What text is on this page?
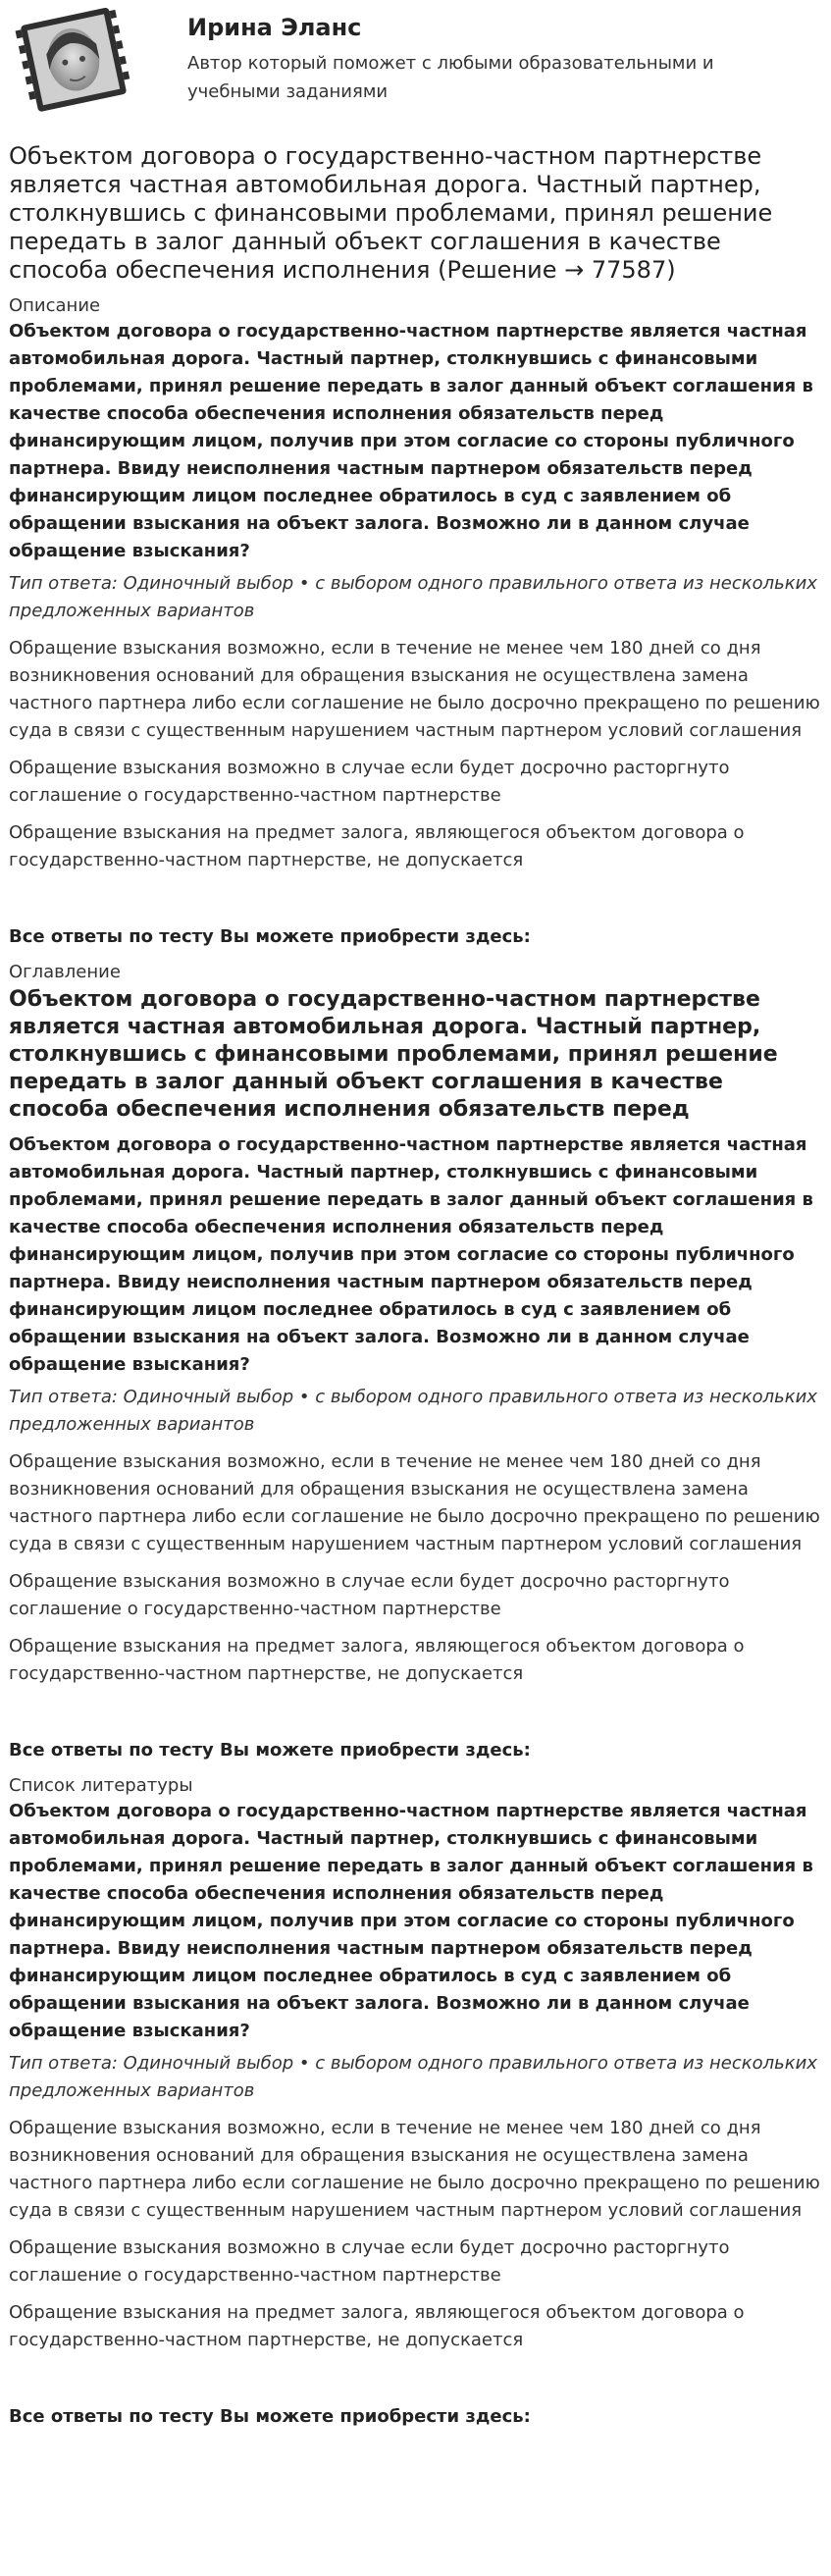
Ирина Эланс
Автор который поможет с любыми образовательными и учебными заданиями
Объектом договора о государственно-частном партнерстве является частная автомобильная дорога. Частный партнер, столкнувшись с финансовыми проблемами, принял решение передать в залог данный объект соглашения в качестве способа обеспечения исполнения (Решение → 77587)
Описание
Объектом договора о государственно-частном партнерстве является частная автомобильная дорога. Частный партнер, столкнувшись с финансовыми проблемами, принял решение передать в залог данный объект соглашения в качестве способа обеспечения исполнения обязательств перед финансирующим лицом, получив при этом согласие со стороны публичного партнера. Ввиду неисполнения частным партнером обязательств перед финансирующим лицом последнее обратилось в суд с заявлением об обращении взыскания на объект залога. Возможно ли в данном случае обращение взыскания?
Тип ответа: Одиночный выбор • с выбором одного правильного ответа из нескольких предложенных вариантов
Обращение взыскания возможно, если в течение не менее чем 180 дней со дня возникновения оснований для обращения взыскания не осуществлена замена частного партнера либо если соглашение не было досрочно прекращено по решению суда в связи с существенным нарушением частным партнером условий соглашения
Обращение взыскания возможно в случае если будет досрочно расторгнуто соглашение о государственно-частном партнерстве
Обращение взыскания на предмет залога, являющегося объектом договора о государственно-частном партнерстве, не допускается
Все ответы по тесту Вы можете приобрести здесь:
Оглавление
Объектом договора о государственно-частном партнерстве является частная автомобильная дорога. Частный партнер, столкнувшись с финансовыми проблемами, принял решение передать в залог данный объект соглашения в качестве способа обеспечения исполнения обязательств перед
Объектом договора о государственно-частном партнерстве является частная автомобильная дорога. Частный партнер, столкнувшись с финансовыми проблемами, принял решение передать в залог данный объект соглашения в качестве способа обеспечения исполнения обязательств перед финансирующим лицом, получив при этом согласие со стороны публичного партнера. Ввиду неисполнения частным партнером обязательств перед финансирующим лицом последнее обратилось в суд с заявлением об обращении взыскания на объект залога. Возможно ли в данном случае обращение взыскания?
Тип ответа: Одиночный выбор • с выбором одного правильного ответа из нескольких предложенных вариантов
Обращение взыскания возможно, если в течение не менее чем 180 дней со дня возникновения оснований для обращения взыскания не осуществлена замена частного партнера либо если соглашение не было досрочно прекращено по решению суда в связи с существенным нарушением частным партнером условий соглашения
Обращение взыскания возможно в случае если будет досрочно расторгнуто соглашение о государственно-частном партнерстве
Обращение взыскания на предмет залога, являющегося объектом договора о государственно-частном партнерстве, не допускается
Все ответы по тесту Вы можете приобрести здесь:
Список литературы
Объектом договора о государственно-частном партнерстве является частная автомобильная дорога. Частный партнер, столкнувшись с финансовыми проблемами, принял решение передать в залог данный объект соглашения в качестве способа обеспечения исполнения обязательств перед финансирующим лицом, получив при этом согласие со стороны публичного партнера. Ввиду неисполнения частным партнером обязательств перед финансирующим лицом последнее обратилось в суд с заявлением об обращении взыскания на объект залога. Возможно ли в данном случае обращение взыскания?
Тип ответа: Одиночный выбор • с выбором одного правильного ответа из нескольких предложенных вариантов
Обращение взыскания возможно, если в течение не менее чем 180 дней со дня возникновения оснований для обращения взыскания не осуществлена замена частного партнера либо если соглашение не было досрочно прекращено по решению суда в связи с существенным нарушением частным партнером условий соглашения
Обращение взыскания возможно в случае если будет досрочно расторгнуто соглашение о государственно-частном партнерстве
Обращение взыскания на предмет залога, являющегося объектом договора о государственно-частном партнерстве, не допускается
Все ответы по тесту Вы можете приобрести здесь:
